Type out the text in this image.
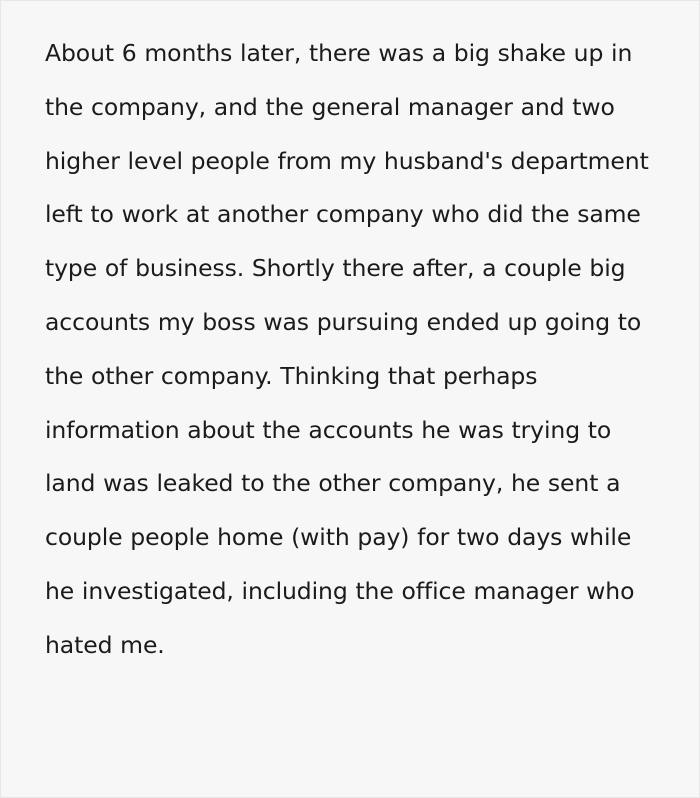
About 6 months later, there was a big shake up in the company, and the general manager and two higher level people from my husband's department left to work at another company who did the same type of business. Shortly there after, a couple big accounts my boss was pursuing ended up going to the other company. Thinking that perhaps information about the accounts he was trying to land was leaked to the other company, he sent a couple people home (with pay) for two days while he investigated, including the office manager who hated me.
